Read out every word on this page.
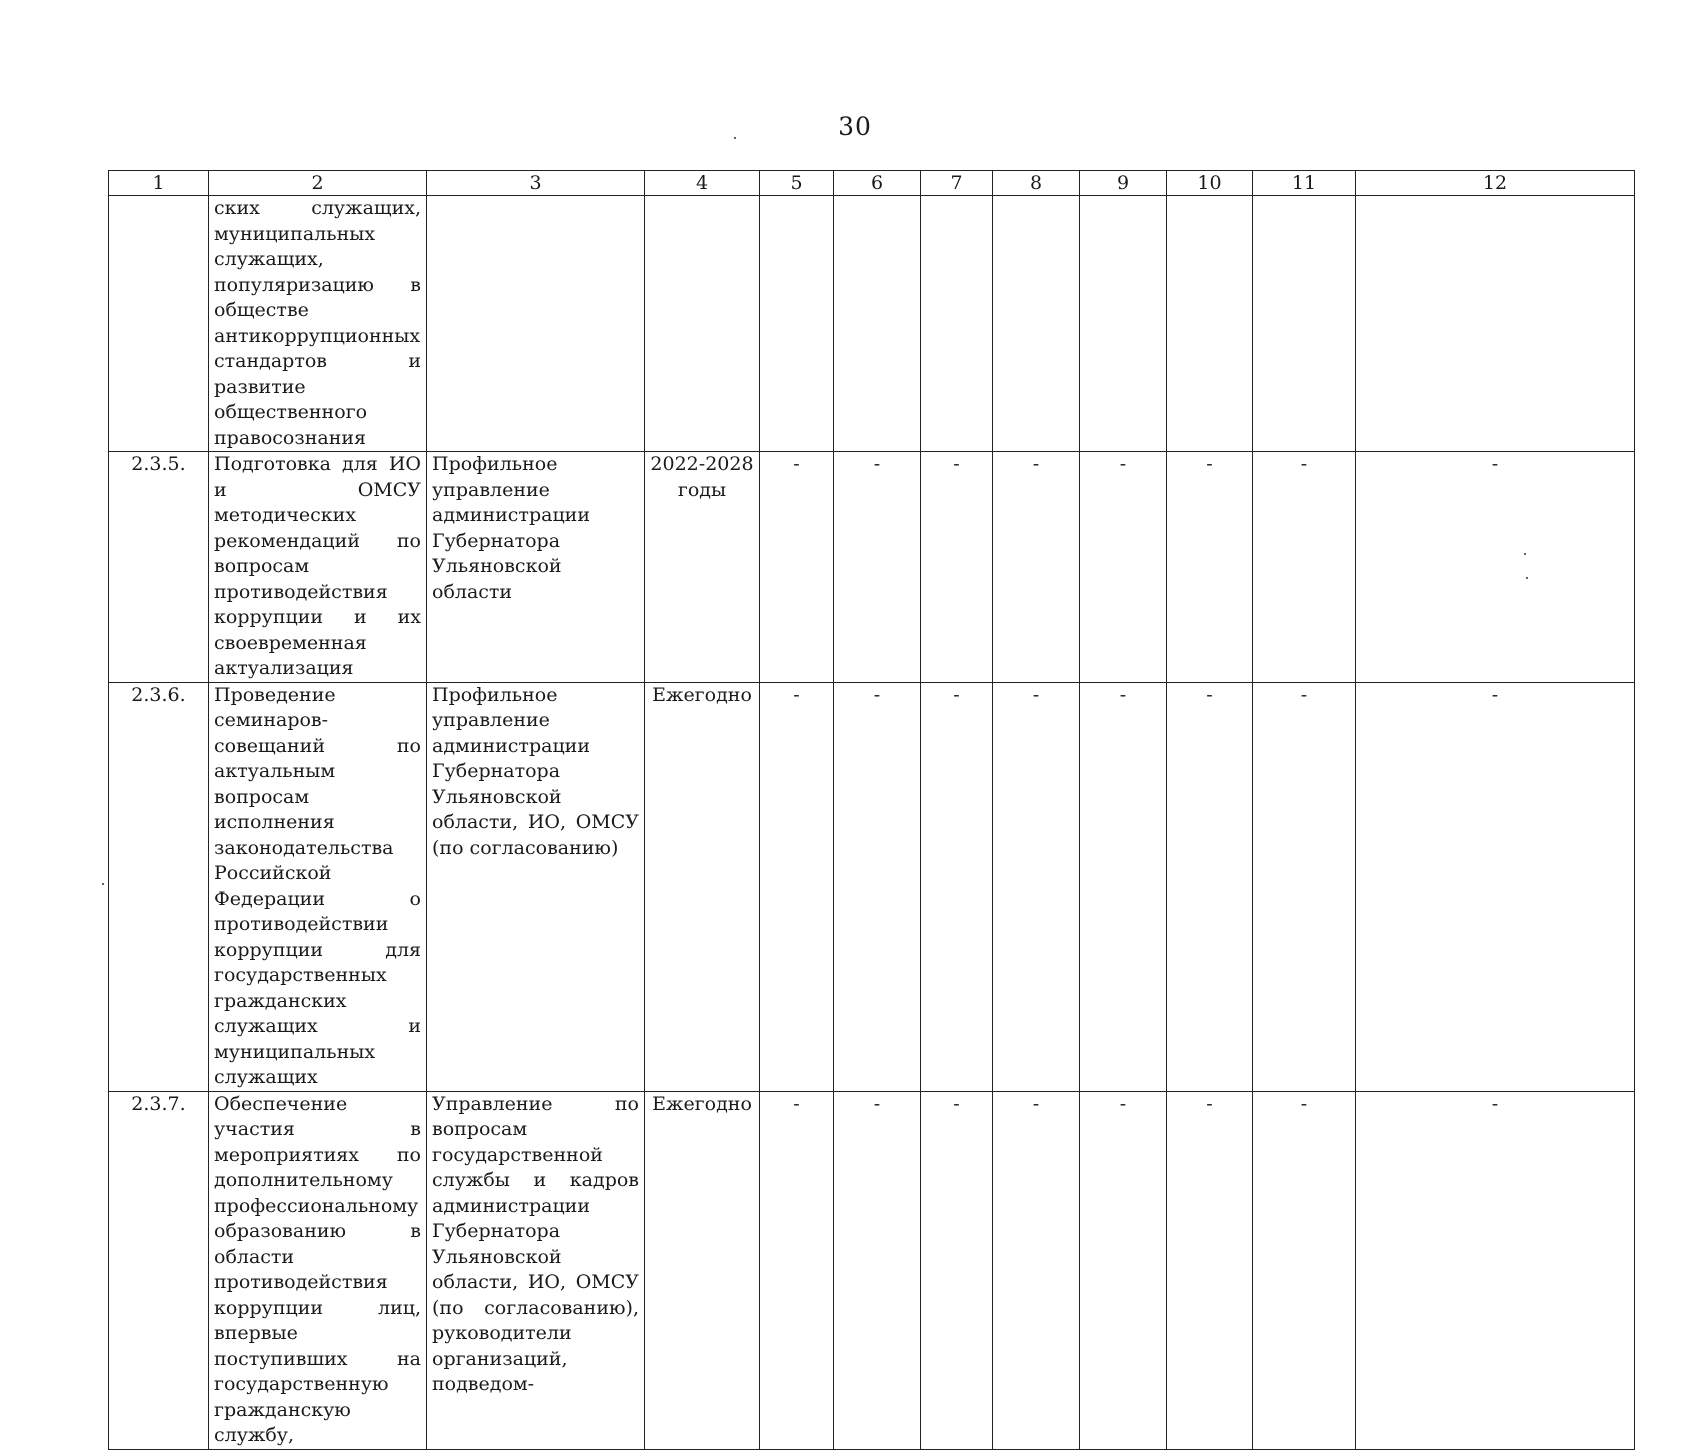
30
1	2	3	4	5	6	7	8	9	10	11	12
	ских служащих, муниципальных служащих, популяризацию в обществе антикоррупционных стандартов и развитие общественного правосознания										
2.3.5.	Подготовка для ИО и ОМСУ методических рекомендаций по вопросам противодействия коррупции и их своевременная актуализация	Профильное управление администрации Губернатора Ульяновской области	2022-2028 годы	-	-	-	-	-	-	-	-
2.3.6.	Проведение семинаров-совещаний по актуальным вопросам исполнения законодательства Российской Федерации о противодействии коррупции для государственных гражданских служащих и муниципальных служащих	Профильное управление администрации Губернатора Ульяновской области, ИО, ОМСУ (по согласованию)	Ежегодно	-	-	-	-	-	-	-	-
2.3.7.	Обеспечение участия в мероприятиях по дополнительному профессиональному образованию в области противодействия коррупции лиц, впервые поступивших на государственную гражданскую службу,	Управление по вопросам государственной службы и кадров администрации Губернатора Ульяновской области, ИО, ОМСУ (по согласованию), руководители организаций, подведом-	Ежегодно	-	-	-	-	-	-	-	-
